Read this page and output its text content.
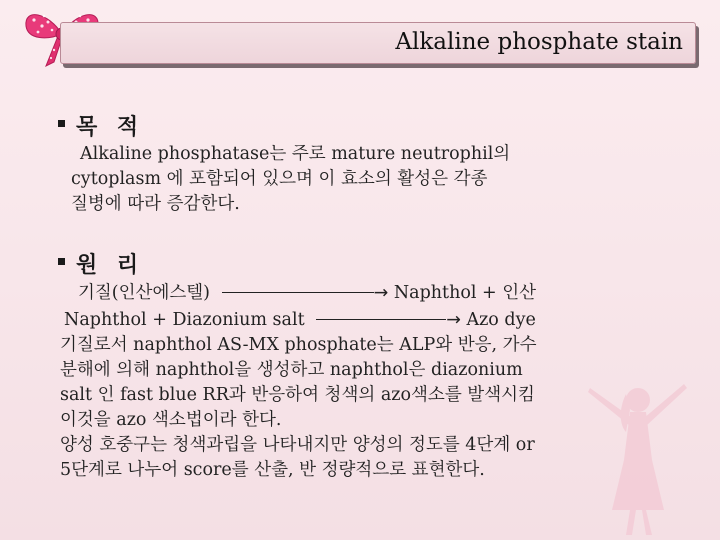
Alkaline phosphate stain
목 적
Alkaline phosphatase는 주로 mature neutrophil의
cytoplasm 에 포함되어 있으며 이 효소의 활성은 각종
질병에 따라 증감한다.
원 리
기질(인산에스텔)	→ Naphthol + 인산
Naphthol + Diazonium salt	→ Azo dye
기질로서 naphthol AS-MX phosphate는 ALP와 반응, 가수
분해에 의해 naphthol을 생성하고 naphthol은 diazonium
salt 인 fast blue RR과 반응하여 청색의 azo색소를 발색시킴
이것을 azo 색소법이라 한다.
양성 호중구는 청색과립을 나타내지만 양성의 정도를 4단계 or
5단계로 나누어 score를 산출, 반 정량적으로 표현한다.
